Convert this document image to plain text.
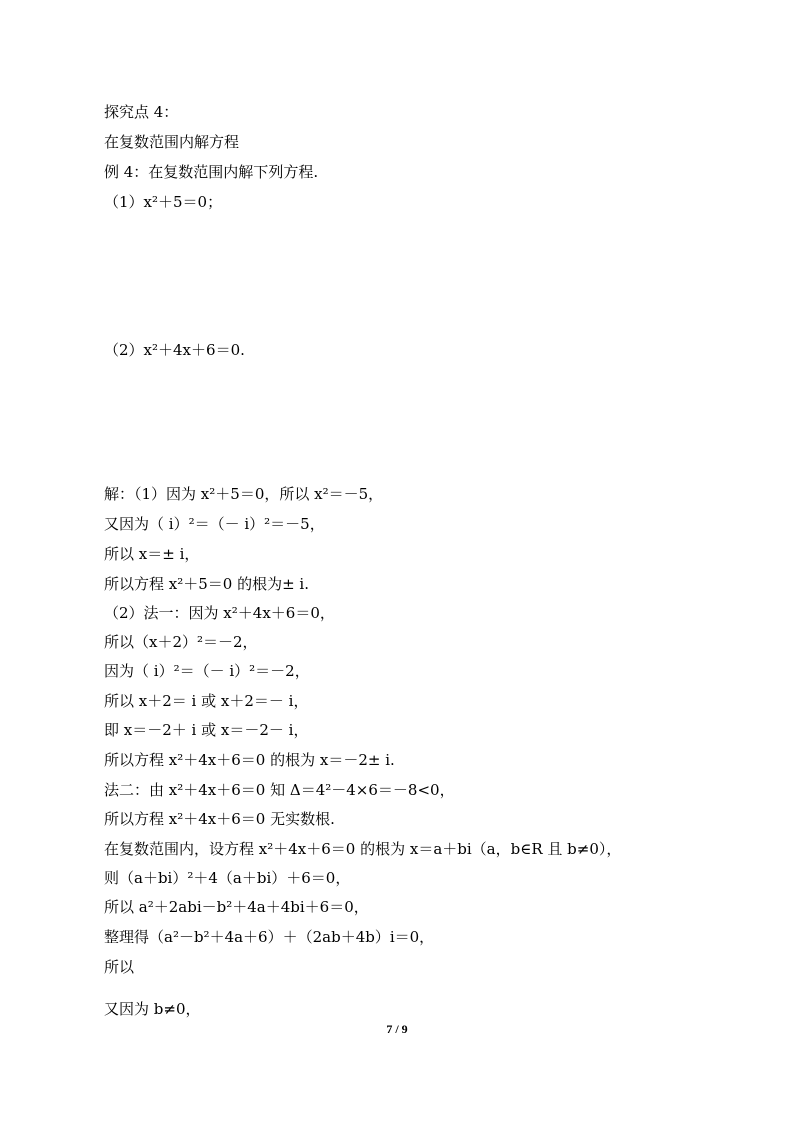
探究点 4：
在复数范围内解方程
例 4：在复数范围内解下列方程.
（1）x²＋5＝0；
（2）x²＋4x＋6＝0.
解：（1）因为 x²＋5＝0，所以 x²＝－5，
又因为（ i）²＝（－ i）²＝－5，
所以 x＝± i，
所以方程 x²＋5＝0 的根为± i.
（2）法一：因为 x²＋4x＋6＝0，
所以（x＋2）²＝－2，
因为（ i）²＝（－ i）²＝－2，
所以 x＋2＝ i 或 x＋2＝－ i，
即 x＝－2＋ i 或 x＝－2－ i，
所以方程 x²＋4x＋6＝0 的根为 x＝－2± i.
法二：由 x²＋4x＋6＝0 知 Δ＝4²－4×6＝－8<0，
所以方程 x²＋4x＋6＝0 无实数根.
在复数范围内，设方程 x²＋4x＋6＝0 的根为 x＝a＋bi（a，b∈R 且 b≠0），
则（a＋bi）²＋4（a＋bi）＋6＝0，
所以 a²＋2abi－b²＋4a＋4bi＋6＝0，
整理得（a²－b²＋4a＋6）＋（2ab＋4b）i＝0，
所以
又因为 b≠0，
7 / 9
